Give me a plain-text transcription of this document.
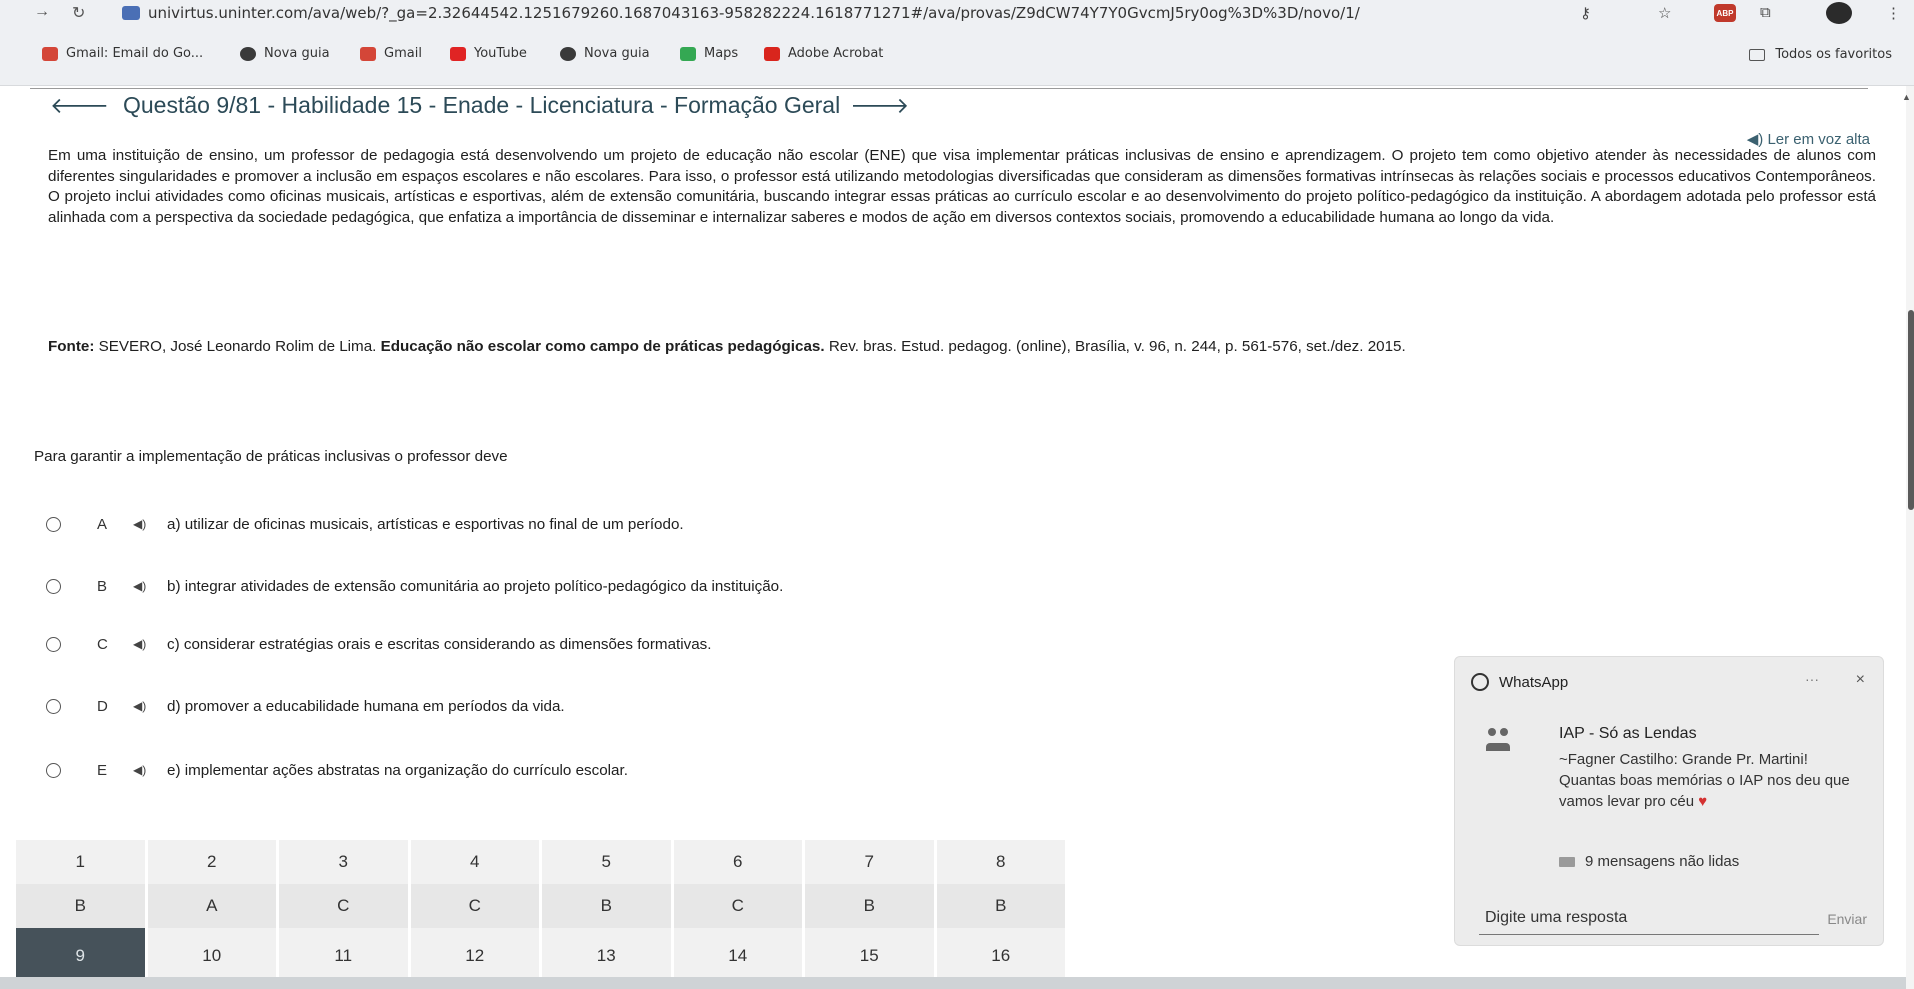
→ ↻	univirtus.uninter.com/ava/web/?_ga=2.32644542.1251679260.1687043163-958282224.1618771271#/ava/provas/Z9dCW74Y7Y0GvcmJ5ry0og%3D%3D/novo/1/	⚷	☆	ABP ⧉	⋮
Gmail: Email do Go...	Nova guia	Gmail	YouTube	Nova guia	Maps	Adobe Acrobat	Todos os favoritos
🡐 Questão 9/81 - Habilidade 15 - Enade - Licenciatura - Formação Geral 🡒
◀) Ler em voz alta
Em uma instituição de ensino, um professor de pedagogia está desenvolvendo um projeto de educação não escolar (ENE) que visa implementar práticas inclusivas de ensino e aprendizagem. O projeto tem como objetivo atender às necessidades de alunos com diferentes singularidades e promover a inclusão em espaços escolares e não escolares. Para isso, o professor está utilizando metodologias diversificadas que consideram as dimensões formativas intrínsecas às relações sociais e processos educativos Contemporâneos. O projeto inclui atividades como oficinas musicais, artísticas e esportivas, além de extensão comunitária, buscando integrar essas práticas ao currículo escolar e ao desenvolvimento do projeto político-pedagógico da instituição. A abordagem adotada pelo professor está alinhada com a perspectiva da sociedade pedagógica, que enfatiza a importância de disseminar e internalizar saberes e modos de ação em diversos contextos sociais, promovendo a educabilidade humana ao longo da vida.
Fonte: SEVERO, José Leonardo Rolim de Lima. Educação não escolar como campo de práticas pedagógicas. Rev. bras. Estud. pedagog. (online), Brasília, v. 96, n. 244, p. 561-576, set./dez. 2015.
Para garantir a implementação de práticas inclusivas o professor deve
A	◀)	a) utilizar de oficinas musicais, artísticas e esportivas no final de um período.
B	◀)	b) integrar atividades de extensão comunitária ao projeto político-pedagógico da instituição.
C	◀)	c) considerar estratégias orais e escritas considerando as dimensões formativas.
D	◀)	d) promover a educabilidade humana em períodos da vida.
E	◀)	e) implementar ações abstratas na organização do currículo escolar.
1	2	3	4	5	6	7	8
B	A	C	C	B	C	B	B
9	10	11	12	13	14	15	16
▲
WhatsApp	··· ×
IAP - Só as Lendas
~Fagner Castilho: Grande Pr. Martini!
Quantas boas memórias o IAP nos deu que vamos levar pro céu ♥
9 mensagens não lidas
Digite uma resposta	Enviar
